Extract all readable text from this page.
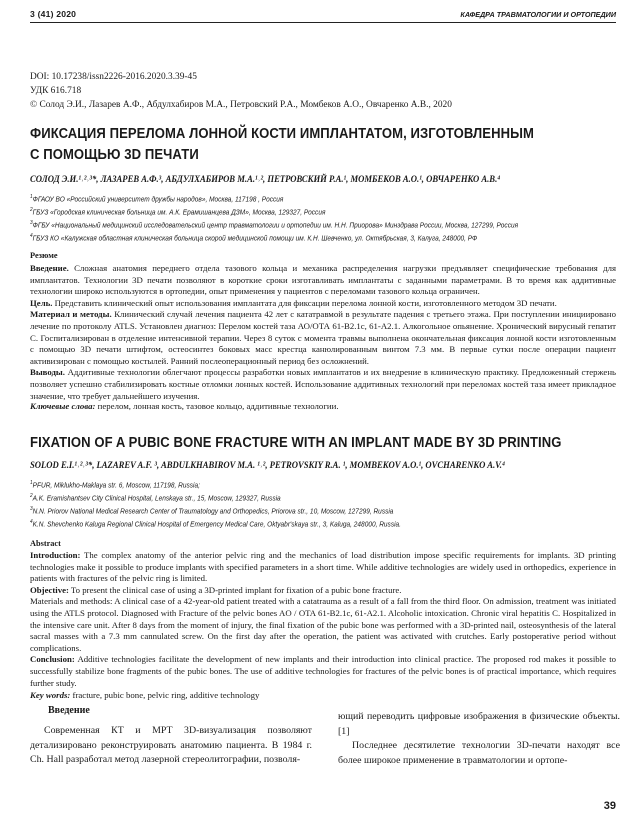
3 (41) 2020	КАФЕДРА ТРАВМАТОЛОГИИ И ОРТОПЕДИИ
DOI: 10.17238/issn2226-2016.2020.3.39-45
УДК 616.718
© Солод Э.И., Лазарев А.Ф., Абдулхабиров М.А., Петровский Р.А., Момбеков А.О., Овчаренко А.В., 2020
ФИКСАЦИЯ ПЕРЕЛОМА ЛОННОЙ КОСТИ ИМПЛАНТАТОМ, ИЗГОТОВЛЕННЫМ
С ПОМОЩЬЮ 3D ПЕЧАТИ
СОЛОД Э.И.¹˒²˒³*, ЛАЗАРЕВ А.Ф.³, АБДУЛХАБИРОВ М.А.¹˒², ПЕТРОВСКИЙ Р.А.¹, МОМБЕКОВ А.О.¹, ОВЧАРЕНКО А.В.⁴
$^1$ФГАОУ ВО «Российский университет дружбы народов», Москва, 117198 , Россия
$^2$ГБУЗ «Городская клиническая больница им. А.К. Ерамишанцева ДЗМ», Москва, 129327, Россия
$^3$ФГБУ «Национальный медицинский исследовательский центр травматологии и ортопедии им. Н.Н. Приорова» Минздрава России, Москва, 127299, Россия
$^4$ГБУЗ КО «Калужская областная клиническая больница скорой медицинской помощи им. К.Н. Шевченко, ул. Октябрьская, 3, Калуга, 248000, РФ
Резюме
Введение. Сложная анатомия переднего отдела тазового кольца и механика распределения нагрузки предъявляет специфические требования для имплантатов. Технологии 3D печати позволяют в короткие сроки изготавливать имплантаты с заданными параметрами. В то время как аддитивные технологии широко используются в ортопедии, опыт применения у пациентов с переломами тазового кольца ограничен.
Цель. Представить клинический опыт использования имплантата для фиксации перелома лонной кости, изготовленного методом 3D печати.
Материал и методы. Клинический случай лечения пациента 42 лет с кататравмой в результате падения с третьего этажа. При поступлении инициировано лечение по протоколу ATLS. Установлен диагноз: Перелом костей таза АО/ОТА 61-B2.1c, 61-A2.1. Алкогольное опьянение. Хронический вирусный гепатит С. Госпитализирован в отделение интенсивной терапии. Через 8 суток с момента травмы выполнена окончательная фиксация лонной кости изготовленным с помощью 3D печати штифтом, остеосинтез боковых масс крестца канюлированным винтом 7.3 мм. В первые сутки после операции пациент активизирован с помощью костылей. Ранний послеоперационный период без осложнений.
Выводы. Аддитивные технологии облегчают процессы разработки новых имплантатов и их внедрение в клиническую практику. Предложенный стержень позволяет успешно стабилизировать костные отломки лонных костей. Использование аддитивных технологий при переломах костей таза имеет прикладное значение, что требует дальнейшего изучения.
Ключевые слова: перелом, лонная кость, тазовое кольцо, аддитивные технологии.
FIXATION OF A PUBIC BONE FRACTURE WITH AN IMPLANT MADE BY 3D PRINTING
SOLOD E.I.¹˒²˒³*, LAZAREV A.F. ³, ABDULKHABIROV M.A. ¹˒², PETROVSKIY R.A. ¹, MOMBEKOV A.O.¹, OVCHARENKO A.V.⁴
$^1$PFUR, Miklukho-Maklaya str. 6, Moscow, 117198, Russia;
$^2$A.K. Eramishantsev City Clinical Hospital, Lenskaya str., 15, Moscow, 129327, Russia
$^3$N.N. Priorov National Medical Research Center of Traumatology and Orthopedics, Priorova str., 10, Moscow, 127299, Russia
$^4$K.N. Shevchenko Kaluga Regional Clinical Hospital of Emergency Medical Care, Oktyabr'skaya str., 3, Kaluga, 248000, Russia.
Abstract
Introduction: The complex anatomy of the anterior pelvic ring and the mechanics of load distribution impose specific requirements for implants. 3D printing technologies make it possible to produce implants with specified parameters in a short time. While additive technologies are widely used in orthopedics, experience in patients with fractures of the pelvic ring is limited.
Objective: To present the clinical case of using a 3D-printed implant for fixation of a pubic bone fracture.
Materials and methods: A clinical case of a 42-year-old patient treated with a catatrauma as a result of a fall from the third floor. On admission, treatment was initiated using the ATLS protocol. Diagnosed with Fracture of the pelvic bones AO / OTA 61-B2.1c, 61-A2.1. Alcoholic intoxication. Chronic viral hepatitis C. Hospitalized in the intensive care unit. After 8 days from the moment of injury, the final fixation of the pubic bone was performed with a 3D-printed nail, osteosynthesis of the lateral sacral masses with a 7.3 mm cannulated screw. On the first day after the operation, the patient was activated with crutches. Early postoperative period without complications.
Conclusion: Additive technologies facilitate the development of new implants and their introduction into clinical practice. The proposed rod makes it possible to successfully stabilize bone fragments of the pubic bones. The use of additive technologies for fractures of the pelvic bones is of practical importance, which requires further study.
Key words: fracture, pubic bone, pelvic ring, additive technology
Введение

Современная КТ и МРТ 3D-визуализация позволяют детализировано реконструировать анатомию пациента. В 1984 г. Ch. Hall разработал метод лазерной стереолитографии, позволя-

ющий переводить цифровые изображения в физические объекты. [1]

Последнее десятилетие технологии 3D-печати находят все более широкое применение в травматологии и ортопе-

39
